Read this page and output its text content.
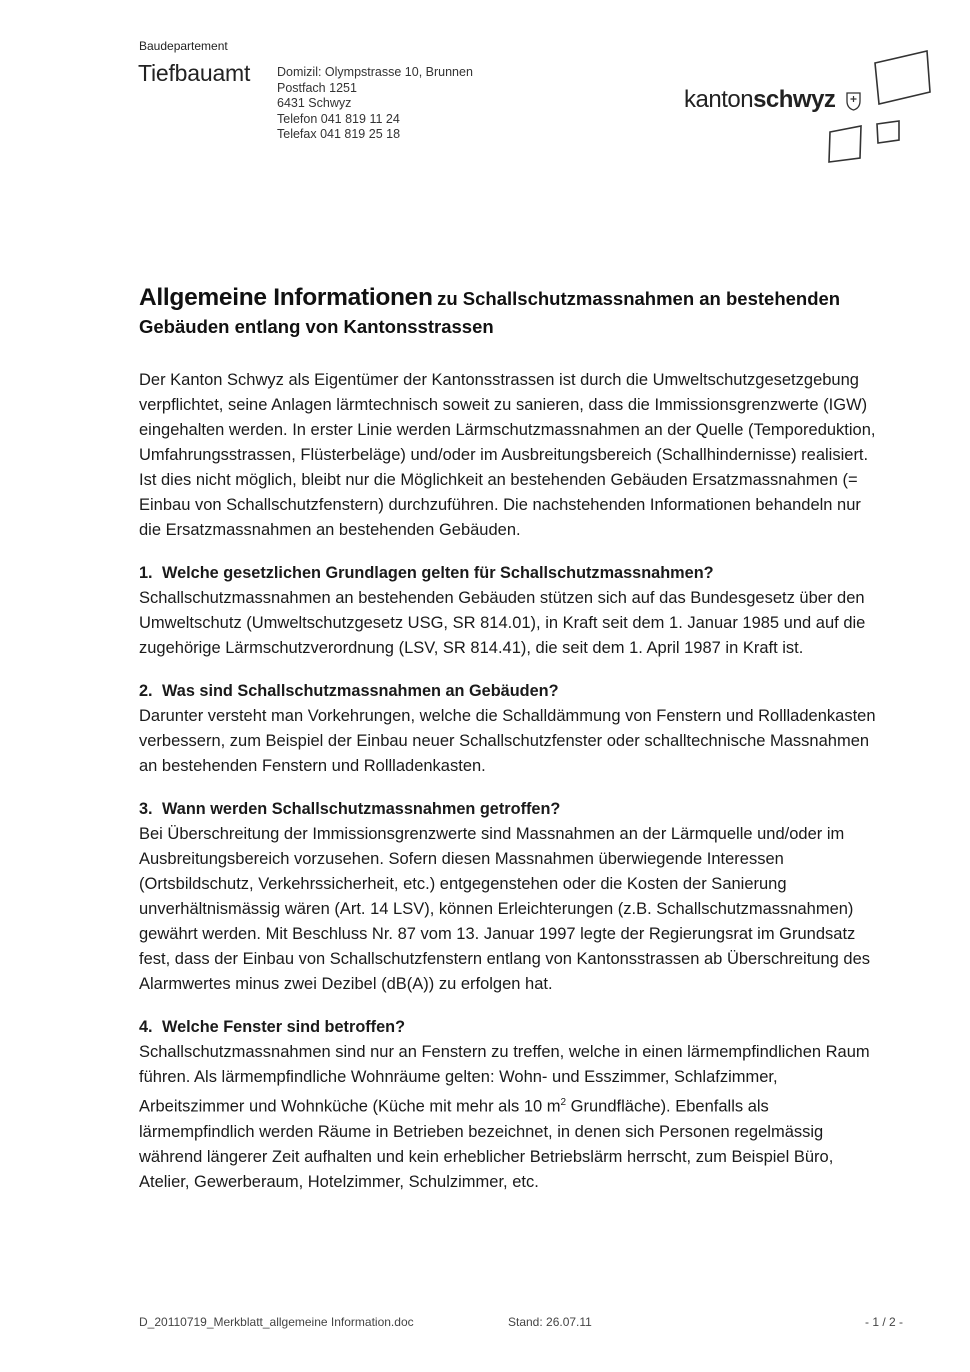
Baudepartement
Tiefbauamt Domizil: Olympstrasse 10, Brunnen
Postfach 1251
6431 Schwyz
Telefon 041 819 11 24
Telefax 041 819 25 18
kantonschwyz
Allgemeine Informationen zu Schallschutzmassnahmen an bestehenden Gebäuden entlang von Kantonsstrassen

Der Kanton Schwyz als Eigentümer der Kantonsstrassen ist durch die Umweltschutzgesetzgebung verpflichtet, seine Anlagen lärmtechnisch soweit zu sanieren, dass die Immissionsgrenzwerte (IGW) eingehalten werden. In erster Linie werden Lärmschutzmassnahmen an der Quelle (Temporeduktion, Umfahrungsstrassen, Flüsterbeläge) und/oder im Ausbreitungsbereich (Schallhindernisse) realisiert. Ist dies nicht möglich, bleibt nur die Möglichkeit an bestehenden Gebäuden Ersatzmassnahmen (= Einbau von Schallschutzfenstern) durchzuführen. Die nachstehenden Informationen behandeln nur die Ersatzmassnahmen an bestehenden Gebäuden.

1. Welche gesetzlichen Grundlagen gelten für Schallschutzmassnahmen?

Schallschutzmassnahmen an bestehenden Gebäuden stützen sich auf das Bundesgesetz über den Umweltschutz (Umweltschutzgesetz USG, SR 814.01), in Kraft seit dem 1. Januar 1985 und auf die zugehörige Lärmschutzverordnung (LSV, SR 814.41), die seit dem 1. April 1987 in Kraft ist.

2. Was sind Schallschutzmassnahmen an Gebäuden?

Darunter versteht man Vorkehrungen, welche die Schalldämmung von Fenstern und Rollladenkasten verbessern, zum Beispiel der Einbau neuer Schallschutzfenster oder schalltechnische Massnahmen an bestehenden Fenstern und Rollladenkasten.

3. Wann werden Schallschutzmassnahmen getroffen?

Bei Überschreitung der Immissionsgrenzwerte sind Massnahmen an der Lärmquelle und/oder im Ausbreitungsbereich vorzusehen. Sofern diesen Massnahmen überwiegende Interessen (Ortsbildschutz, Verkehrssicherheit, etc.) entgegenstehen oder die Kosten der Sanierung unverhältnismässig wären (Art. 14 LSV), können Erleichterungen (z.B. Schallschutzmassnahmen) gewährt werden. Mit Beschluss Nr. 87 vom 13. Januar 1997 legte der Regierungsrat im Grundsatz fest, dass der Einbau von Schallschutzfenstern entlang von Kantonsstrassen ab Überschreitung des Alarmwertes minus zwei Dezibel (dB(A)) zu erfolgen hat.

4. Welche Fenster sind betroffen?

Schallschutzmassnahmen sind nur an Fenstern zu treffen, welche in einen lärmempfindlichen Raum führen. Als lärmempfindliche Wohnräume gelten: Wohn- und Esszimmer, Schlafzimmer, Arbeitszimmer und Wohnküche (Küche mit mehr als 10 $m^2$ Grundfläche). Ebenfalls als lärmempfindlich werden Räume in Betrieben bezeichnet, in denen sich Personen regelmässig während längerer Zeit aufhalten und kein erheblicher Betriebslärm herrscht, zum Beispiel Büro, Atelier, Gewerberaum, Hotelzimmer, Schulzimmer, etc.

D_20110719_Merkblatt_allgemeine Information.doc	Stand: 26.07.11	- 1 / 2 -
